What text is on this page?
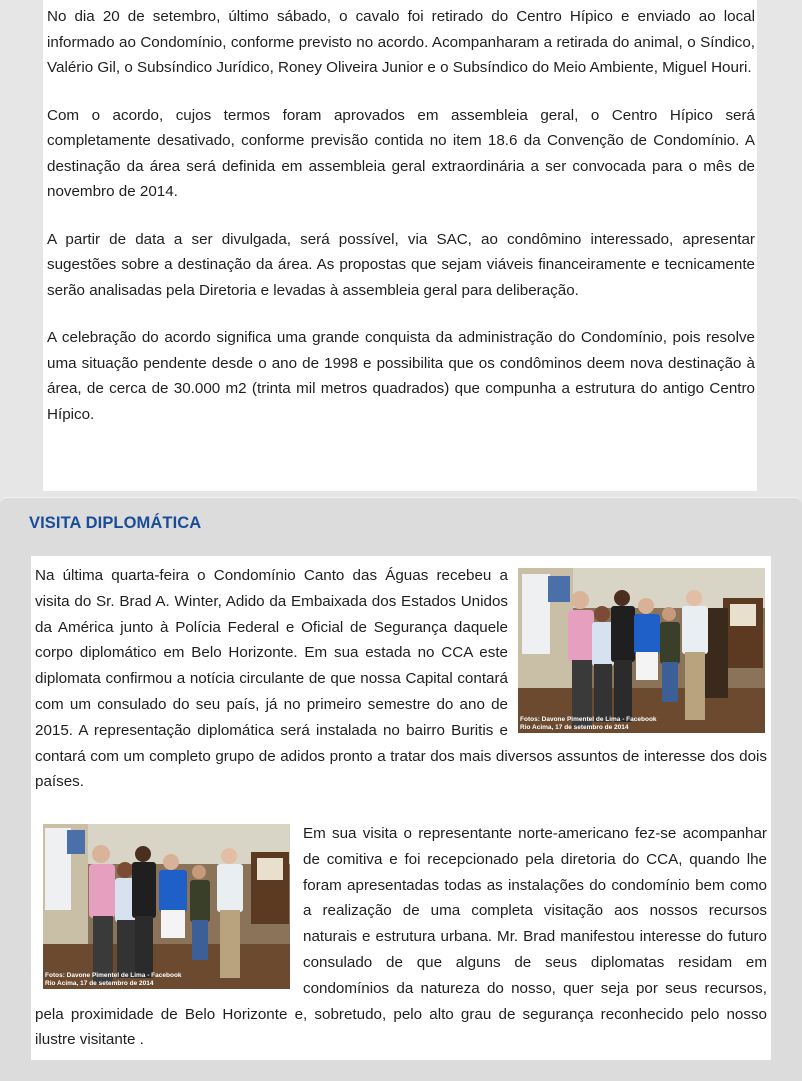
No dia 20 de setembro, último sábado, o cavalo foi retirado do Centro Hípico e enviado ao local informado ao Condomínio, conforme previsto no acordo. Acompanharam a retirada do animal, o Síndico, Valério Gil, o Subsíndico Jurídico, Roney Oliveira Junior e o Subsíndico do Meio Ambiente, Miguel Houri.

Com o acordo, cujos termos foram aprovados em assembleia geral, o Centro Hípico será completamente desativado, conforme previsão contida no item 18.6 da Convenção de Condomínio. A destinação da área será definida em assembleia geral extraordinária a ser convocada para o mês de novembro de 2014.

A partir de data a ser divulgada, será possível, via SAC, ao condômino interessado, apresentar sugestões sobre a destinação da área. As propostas que sejam viáveis financeiramente e tecnicamente serão analisadas pela Diretoria e levadas à assembleia geral para deliberação.

A celebração do acordo significa uma grande conquista da administração do Condomínio, pois resolve uma situação pendente desde o ano de 1998 e possibilita que os condôminos deem nova destinação à área, de cerca de 30.000 m2 (trinta mil metros quadrados) que compunha a estrutura do antigo Centro Hípico.

VISITA DIPLOMÁTICA
Fotos: Davone Pimentel de Lima - Facebook
Rio Acima, 17 de setembro de 2014

Na última quarta-feira o Condomínio Canto das Águas recebeu a visita do Sr. Brad A. Winter, Adido da Embaixada dos Estados Unidos da América junto à Polícia Federal e Oficial de Segurança daquele corpo diplomático em Belo Horizonte. Em sua estada no CCA este diplomata confirmou a notícia circulante de que nossa Capital contará com um consulado do seu país, já no primeiro semestre do ano de 2015. A representação diplomática será instalada no bairro Buritis e contará com um completo grupo de adidos pronto a tratar dos mais diversos assuntos de interesse dos dois países.

Fotos: Davone Pimentel de Lima - Facebook
Rio Acima, 17 de setembro de 2014

Em sua visita o representante norte-americano fez-se acompanhar de comitiva e foi recepcionado pela diretoria do CCA, quando lhe foram apresentadas todas as instalações do condomínio bem como a realização de uma completa visitação aos nossos recursos naturais e estrutura urbana. Mr. Brad manifestou interesse do futuro consulado de que alguns de seus diplomatas residam em condomínios da natureza do nosso, quer seja por seus recursos, pela proximidade de Belo Horizonte e, sobretudo, pelo alto grau de segurança reconhecido pelo nosso ilustre visitante .
